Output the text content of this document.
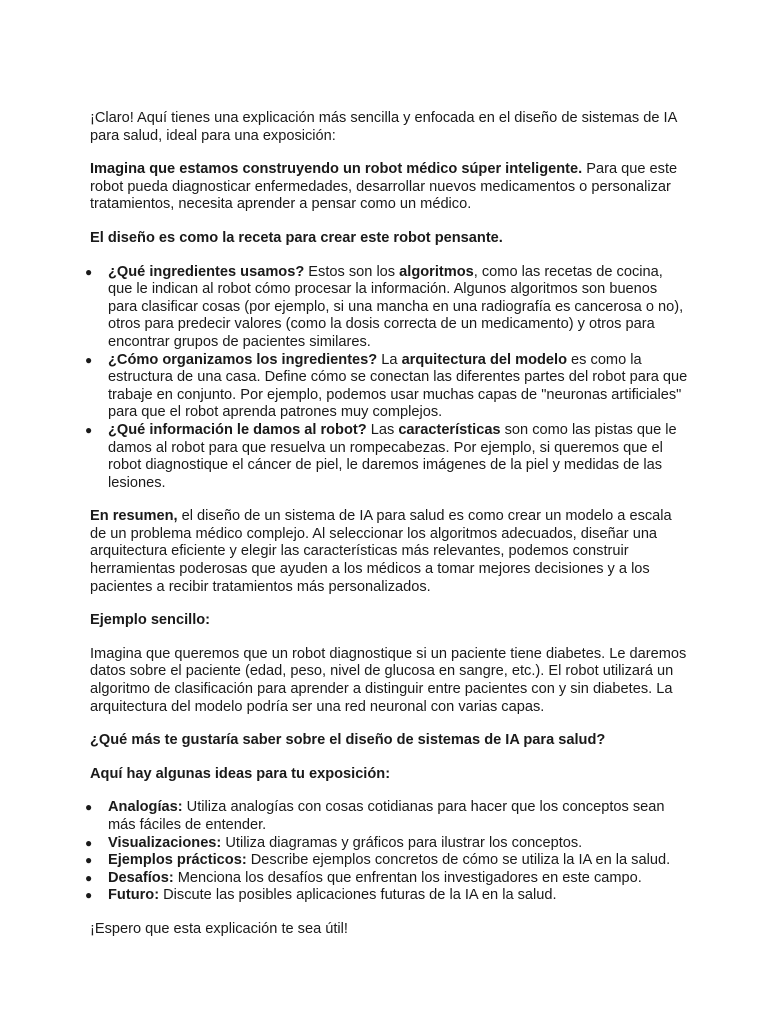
¡Claro! Aquí tienes una explicación más sencilla y enfocada en el diseño de sistemas de IA para salud, ideal para una exposición:

Imagina que estamos construyendo un robot médico súper inteligente. Para que este robot pueda diagnosticar enfermedades, desarrollar nuevos medicamentos o personalizar tratamientos, necesita aprender a pensar como un médico.

El diseño es como la receta para crear este robot pensante.

● ¿Qué ingredientes usamos? Estos son los algoritmos, como las recetas de cocina, que le indican al robot cómo procesar la información. Algunos algoritmos son buenos para clasificar cosas (por ejemplo, si una mancha en una radiografía es cancerosa o no), otros para predecir valores (como la dosis correcta de un medicamento) y otros para encontrar grupos de pacientes similares.
● ¿Cómo organizamos los ingredientes? La arquitectura del modelo es como la estructura de una casa. Define cómo se conectan las diferentes partes del robot para que trabaje en conjunto. Por ejemplo, podemos usar muchas capas de "neuronas artificiales" para que el robot aprenda patrones muy complejos.
● ¿Qué información le damos al robot? Las características son como las pistas que le damos al robot para que resuelva un rompecabezas. Por ejemplo, si queremos que el robot diagnostique el cáncer de piel, le daremos imágenes de la piel y medidas de las lesiones.

En resumen, el diseño de un sistema de IA para salud es como crear un modelo a escala de un problema médico complejo. Al seleccionar los algoritmos adecuados, diseñar una arquitectura eficiente y elegir las características más relevantes, podemos construir herramientas poderosas que ayuden a los médicos a tomar mejores decisiones y a los pacientes a recibir tratamientos más personalizados.

Ejemplo sencillo:

Imagina que queremos que un robot diagnostique si un paciente tiene diabetes. Le daremos datos sobre el paciente (edad, peso, nivel de glucosa en sangre, etc.). El robot utilizará un algoritmo de clasificación para aprender a distinguir entre pacientes con y sin diabetes. La arquitectura del modelo podría ser una red neuronal con varias capas.

¿Qué más te gustaría saber sobre el diseño de sistemas de IA para salud?

Aquí hay algunas ideas para tu exposición:

● Analogías: Utiliza analogías con cosas cotidianas para hacer que los conceptos sean más fáciles de entender.
● Visualizaciones: Utiliza diagramas y gráficos para ilustrar los conceptos.
● Ejemplos prácticos: Describe ejemplos concretos de cómo se utiliza la IA en la salud.
● Desafíos: Menciona los desafíos que enfrentan los investigadores en este campo.
● Futuro: Discute las posibles aplicaciones futuras de la IA en la salud.

¡Espero que esta explicación te sea útil!
